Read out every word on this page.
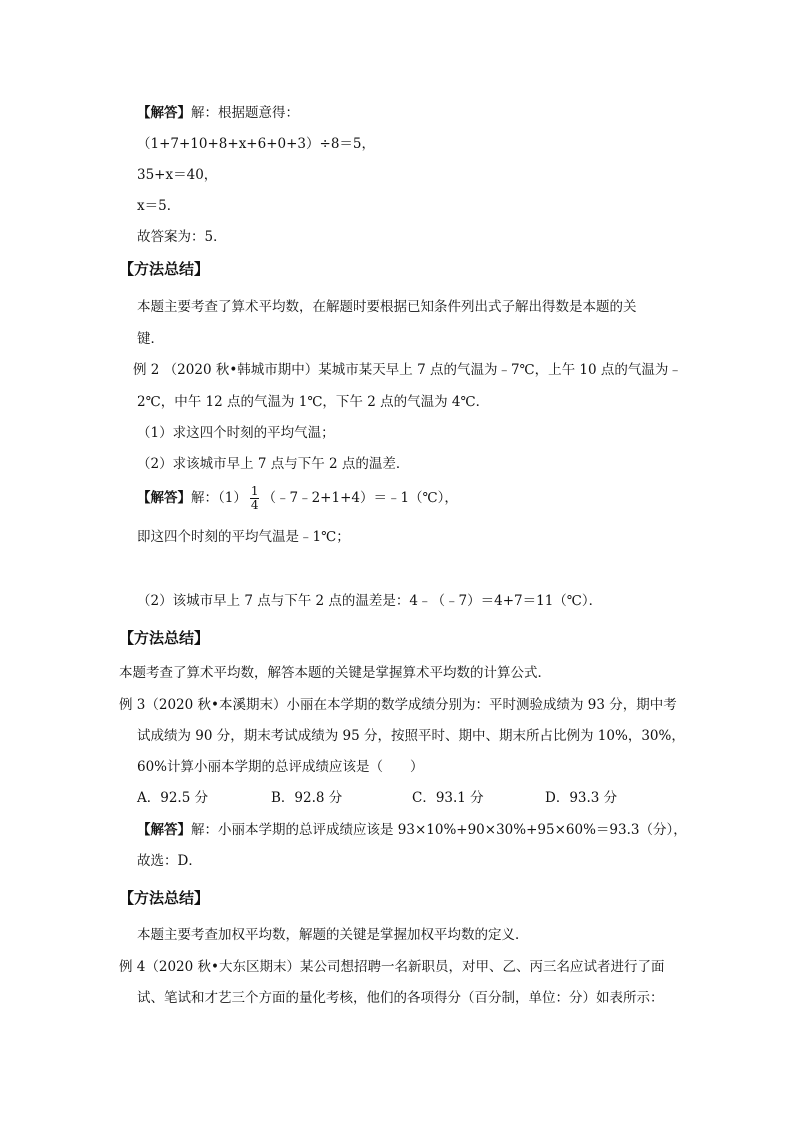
【解答】解：根据题意得：
（1+7+10+8+x+6+0+3）÷8＝5，
35+x＝40，
x＝5．
故答案为：5．
【方法总结】
本题主要考查了算术平均数，在解题时要根据已知条件列出式子解出得数是本题的关
键．
例 2 （2020 秋•韩城市期中）某城市某天早上 7 点的气温为﹣7℃，上午 10 点的气温为﹣
2℃，中午 12 点的气温为 1℃，下午 2 点的气温为 4℃．
（1）求这四个时刻的平均气温；
（2）求该城市早上 7 点与下午 2 点的温差．
【解答】解：$(1) \frac{1}{4}$ （﹣7﹣2+1+4）＝﹣1（℃），
即这四个时刻的平均气温是﹣1℃；
（2）该城市早上 7 点与下午 2 点的温差是：4﹣（﹣7）＝4+7＝11（℃）．
【方法总结】
本题考查了算术平均数，解答本题的关键是掌握算术平均数的计算公式．
例 3（2020 秋•本溪期末）小丽在本学期的数学成绩分别为：平时测验成绩为 93 分，期中考
试成绩为 90 分，期末考试成绩为 95 分，按照平时、期中、期末所占比例为 10%，30%，
60%计算小丽本学期的总评成绩应该是（　　）
A．92.5 分	B．92.8 分	C．93.1 分	D．93.3 分
【解答】解：小丽本学期的总评成绩应该是 93×10%+90×30%+95×60%＝93.3（分），
故选：D．
【方法总结】
本题主要考查加权平均数，解题的关键是掌握加权平均数的定义．
例 4（2020 秋•大东区期末）某公司想招聘一名新职员，对甲、乙、丙三名应试者进行了面
试、笔试和才艺三个方面的量化考核，他们的各项得分（百分制，单位：分）如表所示：
